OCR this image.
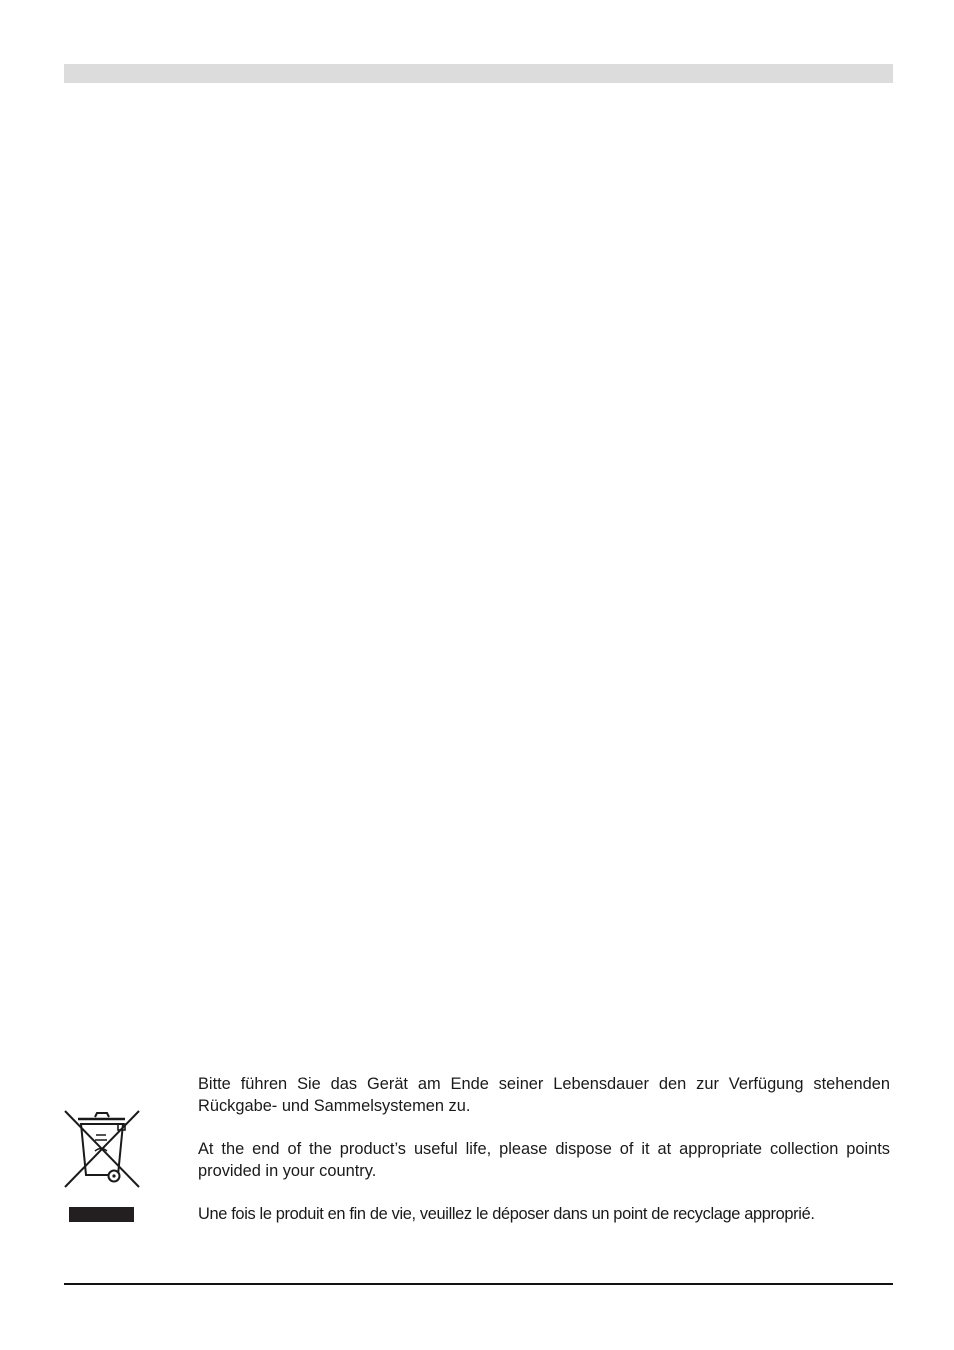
Bitte führen Sie das Gerät am Ende seiner Lebensdauer den zur Verfügung stehenden Rückgabe- und Sammelsystemen zu.

At the end of the product’s useful life, please dispose of it at appropriate collection points provided in your country.

Une fois le produit en fin de vie, veuillez le déposer dans un point de recyclage approprié.
